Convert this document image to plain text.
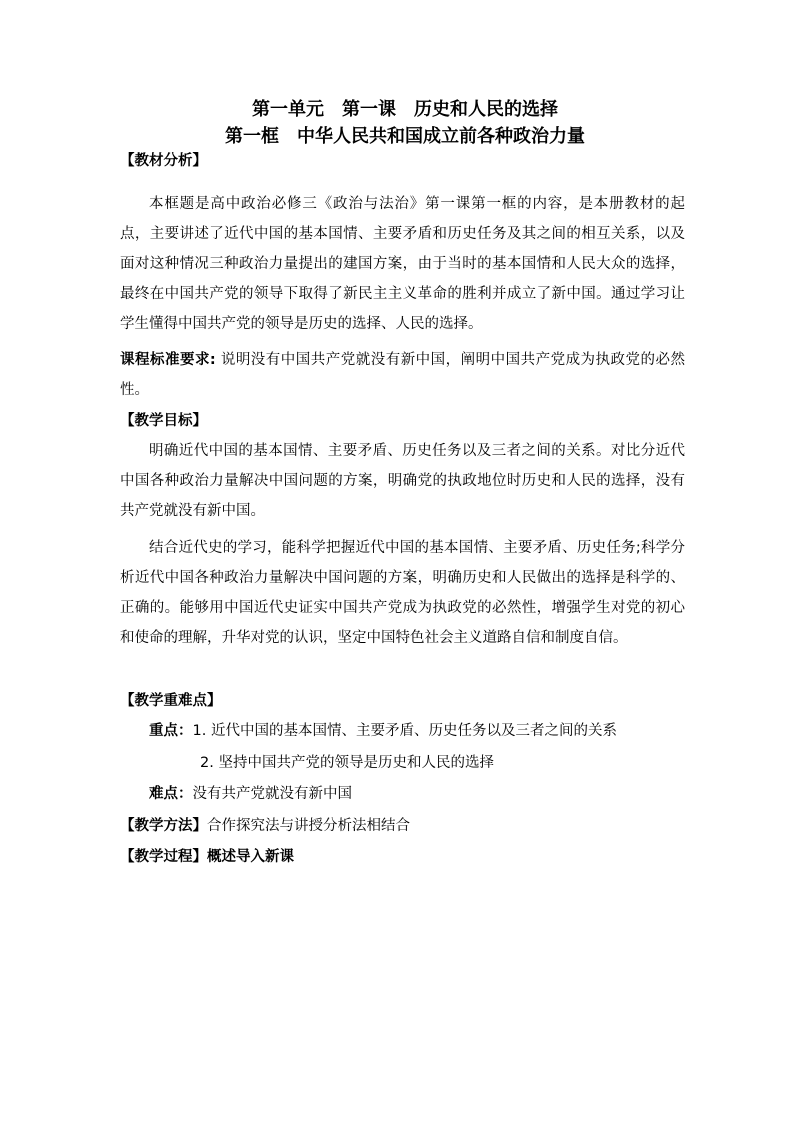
第一单元　第一课　历史和人民的选择
第一框　中华人民共和国成立前各种政治力量
【教材分析】
本框题是高中政治必修三《政治与法治》第一课第一框的内容，是本册教材的起点，主要讲述了近代中国的基本国情、主要矛盾和历史任务及其之间的相互关系，以及面对这种情况三种政治力量提出的建国方案，由于当时的基本国情和人民大众的选择，最终在中国共产党的领导下取得了新民主主义革命的胜利并成立了新中国。通过学习让学生懂得中国共产党的领导是历史的选择、人民的选择。
课程标准要求: 说明没有中国共产党就没有新中国，阐明中国共产党成为执政党的必然性。
【教学目标】
明确近代中国的基本国情、主要矛盾、历史任务以及三者之间的关系。对比分近代中国各种政治力量解决中国问题的方案，明确党的执政地位时历史和人民的选择，没有共产党就没有新中国。
结合近代史的学习，能科学把握近代中国的基本国情、主要矛盾、历史任务;科学分析近代中国各种政治力量解决中国问题的方案，明确历史和人民做出的选择是科学的、正确的。能够用中国近代史证实中国共产党成为执政党的必然性，增强学生对党的初心和使命的理解，升华对党的认识，坚定中国特色社会主义道路自信和制度自信。
【教学重难点】
重点：1. 近代中国的基本国情、主要矛盾、历史任务以及三者之间的关系
2. 坚持中国共产党的领导是历史和人民的选择
难点：没有共产党就没有新中国
【教学方法】合作探究法与讲授分析法相结合
【教学过程】概述导入新课
